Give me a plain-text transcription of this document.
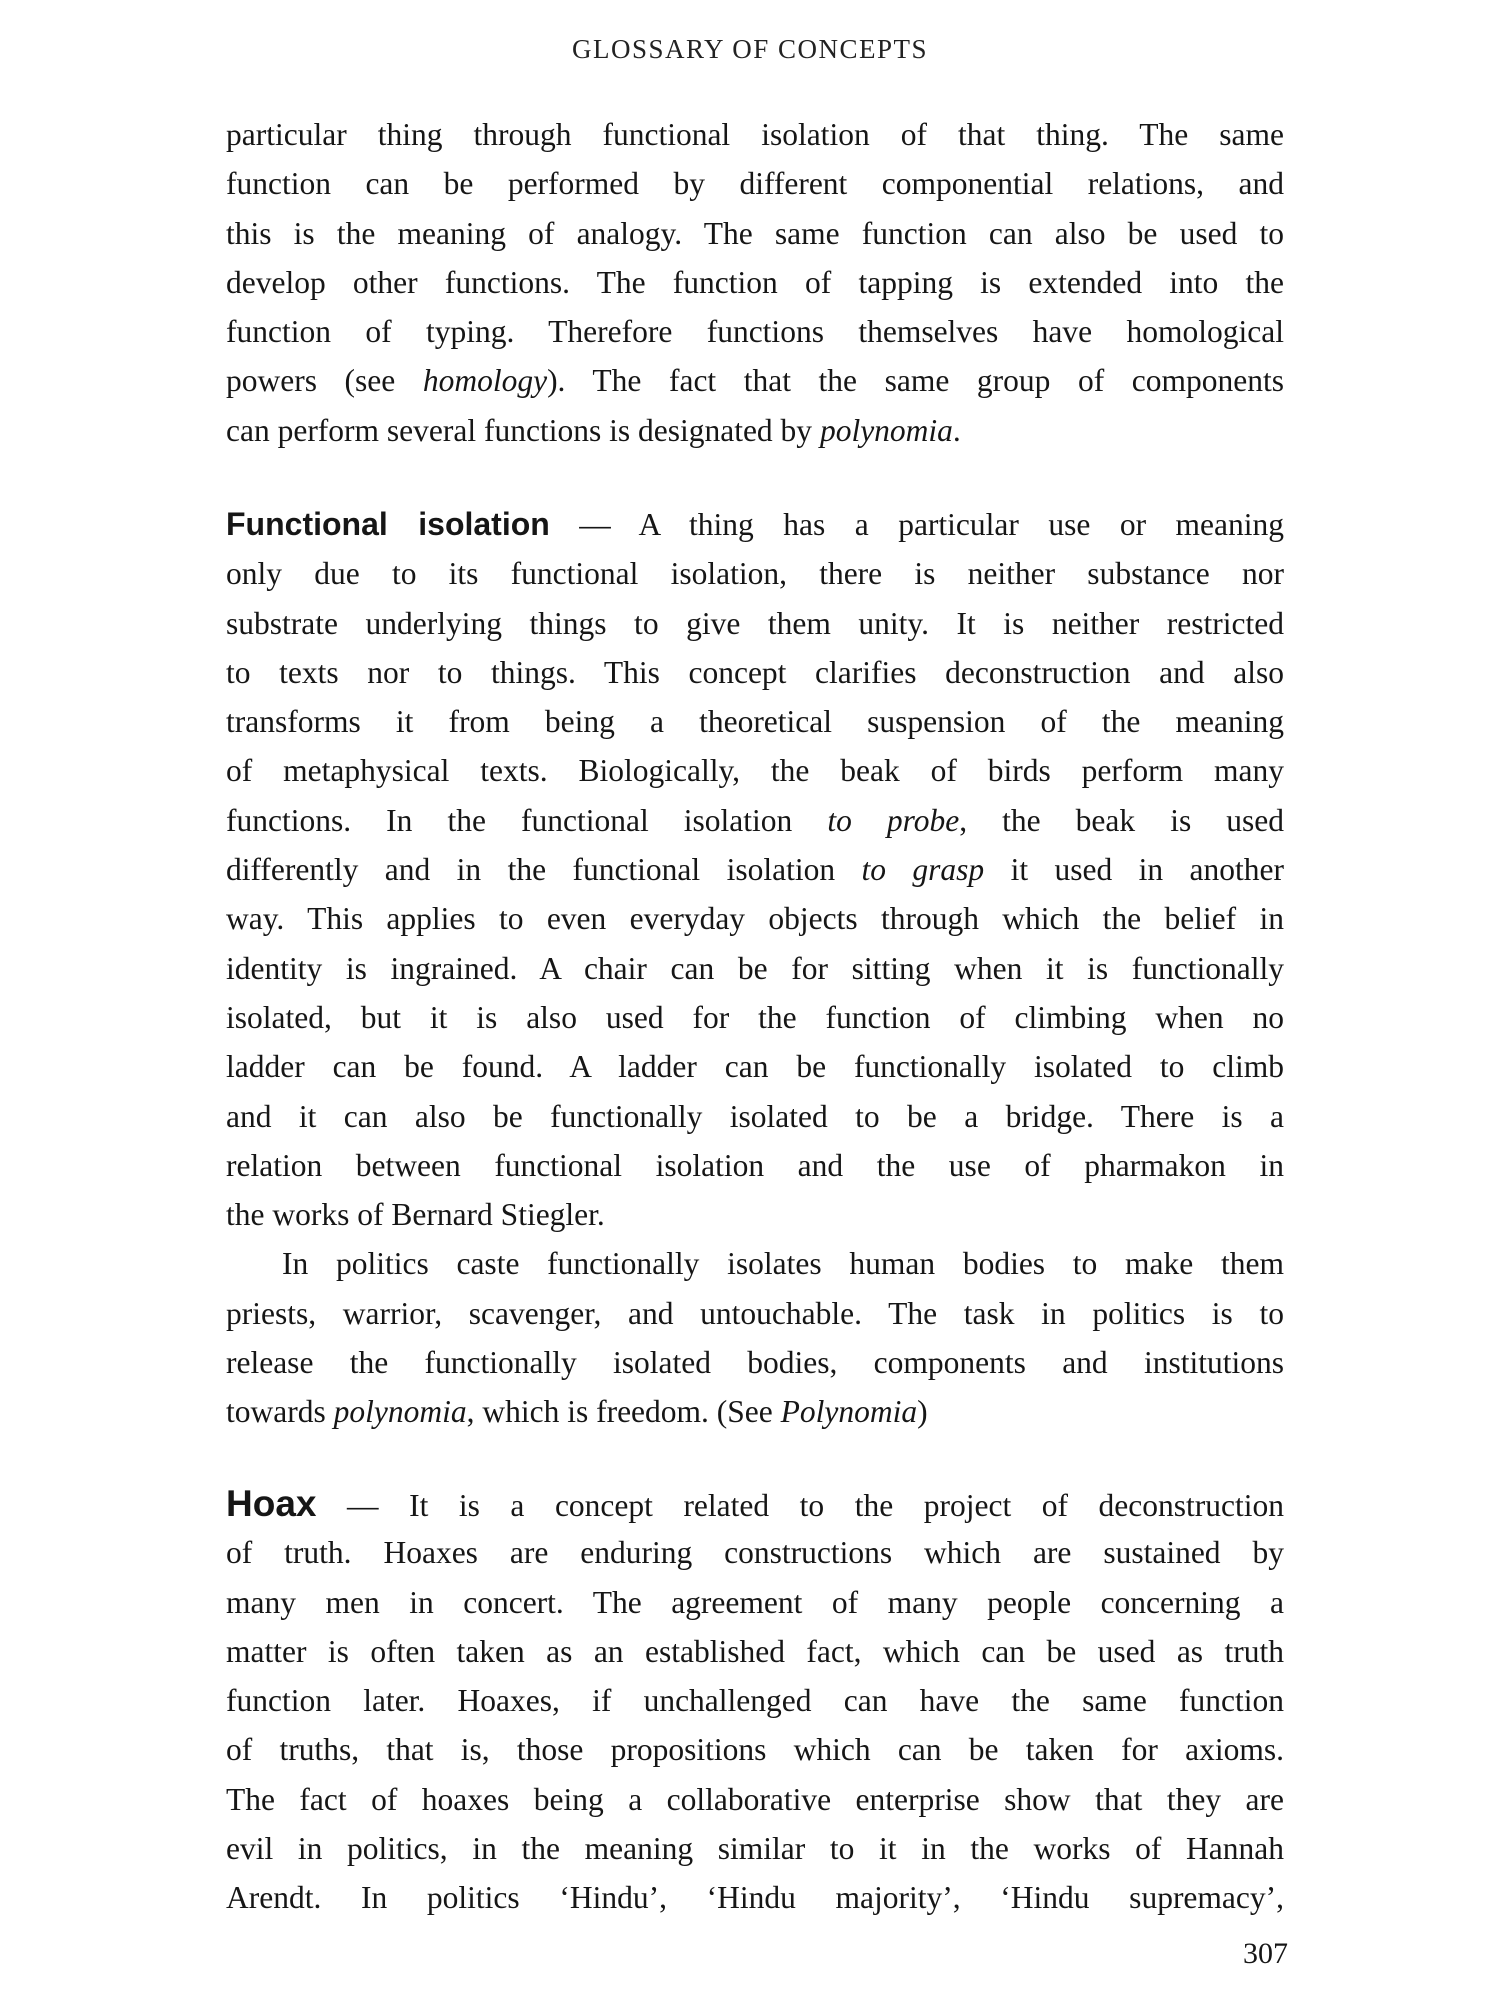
GLOSSARY OF CONCEPTS
particular thing through functional isolation of that thing. The same
function can be performed by different componential relations, and
this is the meaning of analogy. The same function can also be used to
develop other functions. The function of tapping is extended into the
function of typing. Therefore functions themselves have homological
powers (see homology). The fact that the same group of components
can perform several functions is designated by polynomia.
Functional isolation — A thing has a particular use or meaning
only due to its functional isolation, there is neither substance nor
substrate underlying things to give them unity. It is neither restricted
to texts nor to things. This concept clarifies deconstruction and also
transforms it from being a theoretical suspension of the meaning
of metaphysical texts. Biologically, the beak of birds perform many
functions. In the functional isolation to probe, the beak is used
differently and in the functional isolation to grasp it used in another
way. This applies to even everyday objects through which the belief in
identity is ingrained. A chair can be for sitting when it is functionally
isolated, but it is also used for the function of climbing when no
ladder can be found. A ladder can be functionally isolated to climb
and it can also be functionally isolated to be a bridge. There is a
relation between functional isolation and the use of pharmakon in
the works of Bernard Stiegler.
In politics caste functionally isolates human bodies to make them
priests, warrior, scavenger, and untouchable. The task in politics is to
release the functionally isolated bodies, components and institutions
towards polynomia, which is freedom. (See Polynomia)
Hoax — It is a concept related to the project of deconstruction
of truth. Hoaxes are enduring constructions which are sustained by
many men in concert. The agreement of many people concerning a
matter is often taken as an established fact, which can be used as truth
function later. Hoaxes, if unchallenged can have the same function
of truths, that is, those propositions which can be taken for axioms.
The fact of hoaxes being a collaborative enterprise show that they are
evil in politics, in the meaning similar to it in the works of Hannah
Arendt. In politics ‘Hindu’, ‘Hindu majority’, ‘Hindu supremacy’,
307
